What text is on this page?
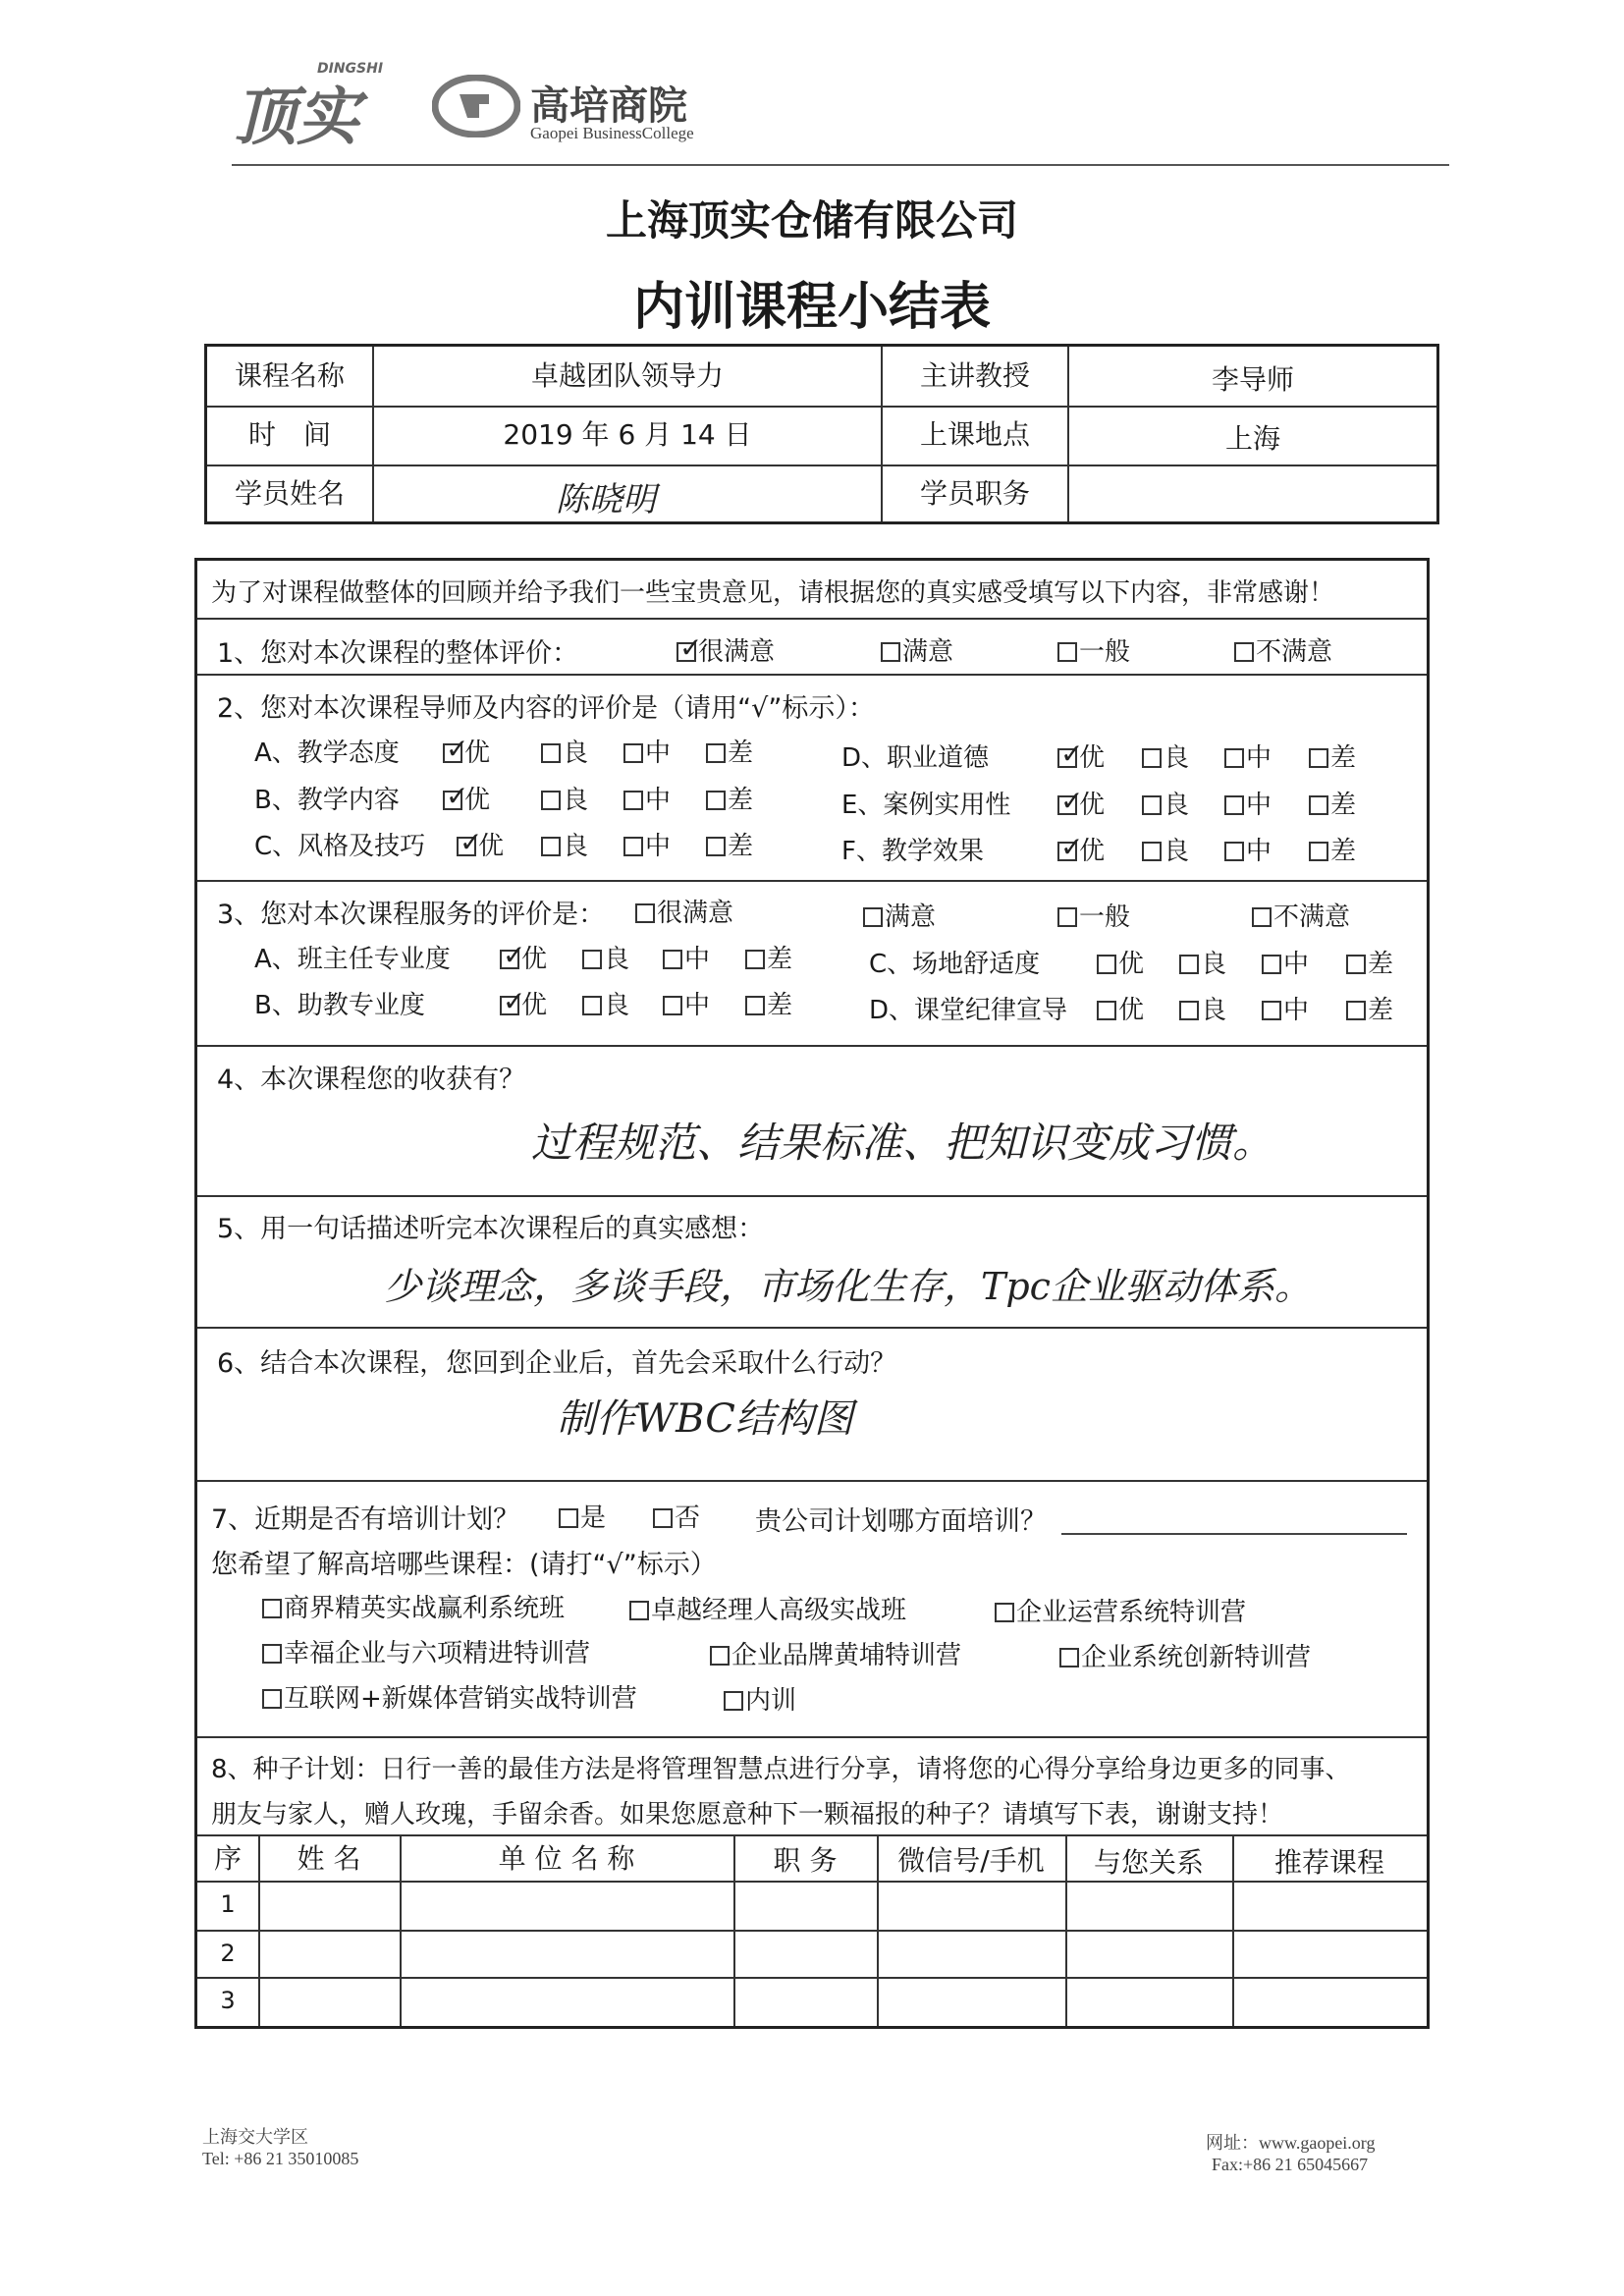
顶实
DINGSHI
高培商院
Gaopei BusinessCollege
上海顶实仓储有限公司
内训课程小结表
课程名称	卓越团队领导力	主讲教授	李导师
时　间	2019 年 6 月 14 日	上课地点	上海
学员姓名	陈晓明	学员职务
为了对课程做整体的回顾并给予我们一些宝贵意见，请根据您的真实感受填写以下内容，非常感谢！
1、您对本次课程的整体评价： ✓	很满意	满意	一般	不满意
2、您对本次课程导师及内容的评价是（请用“√”标示）：
A、教学态度 ✓	优	良	中	差
B、教学内容 ✓	优	良	中	差
C、风格及技巧 ✓	优	良	中	差
D、职业道德 ✓	优	良	中	差
E、案例实用性 ✓	优	良	中	差
F、教学效果 ✓	优	良	中	差
3、您对本次课程服务的评价是：	很满意	满意	一般	不满意
A、班主任专业度 ✓	优	良	中	差
B、助教专业度 ✓	优	良	中	差
C、场地舒适度	优	良	中	差
D、课堂纪律宣导	优	良	中	差
4、本次课程您的收获有？
过程规范、结果标准、把知识变成习惯。
5、用一句话描述听完本次课程后的真实感想：
少谈理念，多谈手段，市场化生存，Tpc企业驱动体系。
6、结合本次课程，您回到企业后，首先会采取什么行动？
制作WBC结构图
7、近期是否有培训计划？	是	否 贵公司计划哪方面培训？
您希望了解高培哪些课程：(请打“√”标示）
商界精英实战赢利系统班	卓越经理人高级实战班	企业运营系统特训营
幸福企业与六项精进特训营	企业品牌黄埔特训营	企业系统创新特训营
互联网+新媒体营销实战特训营	内训
8、种子计划：日行一善的最佳方法是将管理智慧点进行分享，请将您的心得分享给身边更多的同事、
朋友与家人，赠人玫瑰，手留余香。如果您愿意种下一颗福报的种子？请填写下表，谢谢支持！
序	姓 名	单 位 名 称	职 务	微信号/手机	与您关系	推荐课程
1
2
3
上海交大学区
Tel: +86 21 35010085
网址：www.gaopei.org
Fax:+86 21 65045667
